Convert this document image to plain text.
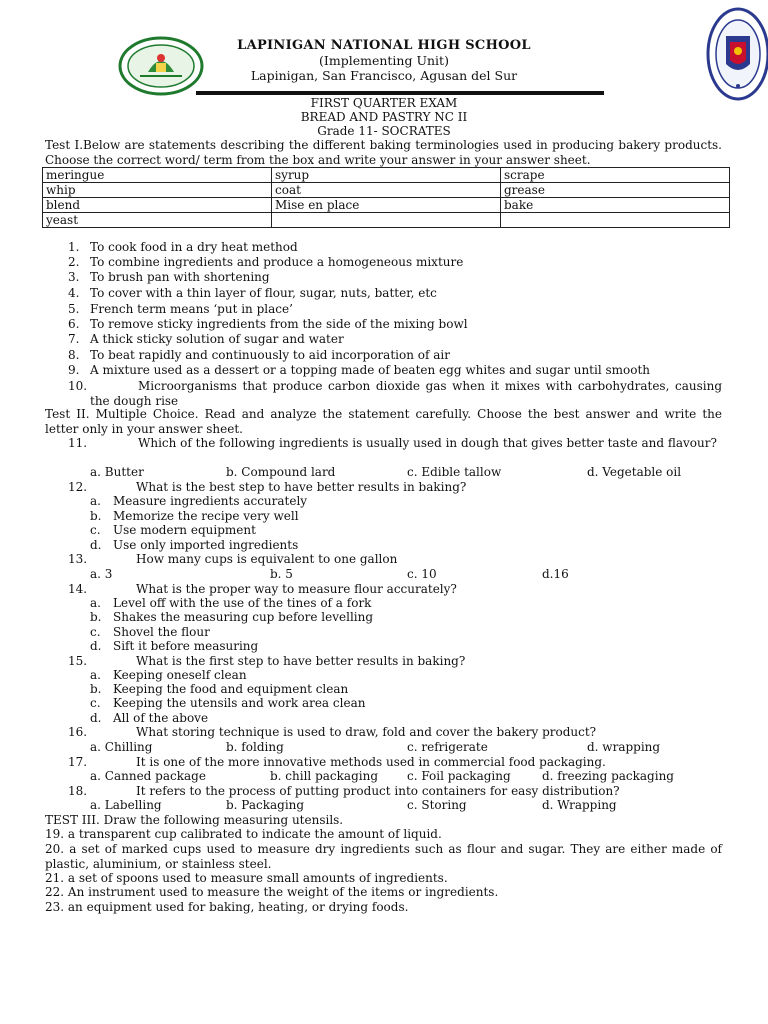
LAPINIGAN NATIONAL HIGH SCHOOL
(Implementing Unit)
Lapinigan, San Francisco, Agusan del Sur
FIRST QUARTER EXAM
BREAD AND PASTRY NC II
Grade 11- SOCRATES

Test I.Below are statements describing the different baking terminologies used in producing bakery products. Choose the correct word/ term from the box and write your answer in your answer sheet.

meringue	syrup	scrape
whip	coat	grease
blend	Mise en place	bake
yeast		
1. To cook food in a dry heat method
2. To combine ingredients and produce a homogeneous mixture
3. To brush pan with shortening
4. To cover with a thin layer of flour, sugar, nuts, batter, etc
5. French term means ‘put in place’
6. To remove sticky ingredients from the side of the mixing bowl
7. A thick sticky solution of sugar and water
8. To beat rapidly and continuously to aid incorporation of air
9. A mixture used as a dessert or a topping made of beaten egg whites and sugar until smooth
10.	Microorganisms that produce carbon dioxide gas when it mixes with carbohydrates, causing the dough rise

Test II. Multiple Choice. Read and analyze the statement carefully. Choose the best answer and write the letter only in your answer sheet.

11.	Which of the following ingredients is usually used in dough that gives better taste and flavour?

a. Butter	b. Compound lard	c. Edible tallow	d. Vegetable oil
12.	What is the best step to have better results in baking?
a. Measure ingredients accurately
b. Memorize the recipe very well
c. Use modern equipment
d. Use only imported ingredients
13.	How many cups is equivalent to one gallon
a. 3	b. 5	c. 10	d.16
14.	What is the proper way to measure flour accurately?
a. Level off with the use of the tines of a fork
b. Shakes the measuring cup before levelling
c. Shovel the flour
d. Sift it before measuring
15.	What is the first step to have better results in baking?
a. Keeping oneself clean
b. Keeping the food and equipment clean
c. Keeping the utensils and work area clean
d. All of the above
16.	What storing technique is used to draw, fold and cover the bakery product?
a. Chilling	b. folding	c. refrigerate	d. wrapping
17.	It is one of the more innovative methods used in commercial food packaging.
a. Canned package	b. chill packaging c. Foil packaging	d. freezing packaging
18.	It refers to the process of putting product into containers for easy distribution?
a. Labelling	b. Packaging	c. Storing	d. Wrapping
TEST III. Draw the following measuring utensils.
19. a transparent cup calibrated to indicate the amount of liquid.

20. a set of marked cups used to measure dry ingredients such as flour and sugar. They are either made of plastic, aluminium, or stainless steel.

21. a set of spoons used to measure small amounts of ingredients.
22. An instrument used to measure the weight of the items or ingredients.
23. an equipment used for baking, heating, or drying foods.
